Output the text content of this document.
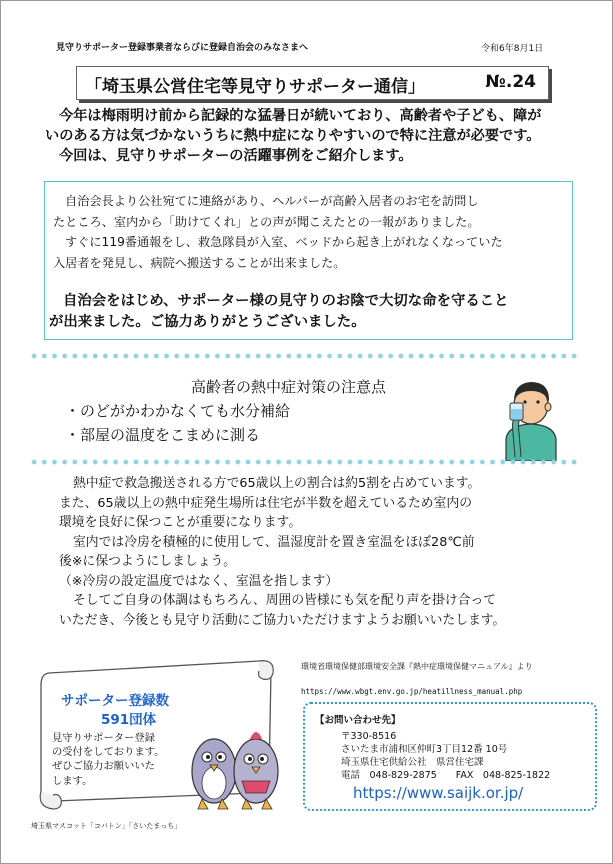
見守りサポーター登録事業者ならびに登録自治会のみなさまへ	令和6年8月1日
「埼玉県公営住宅等見守りサポーター通信」	№.24

今年は梅雨明け前から記録的な猛暑日が続いており、高齢者や子ども、障が

いのある方は気づかないうちに熱中症になりやすいので特に注意が必要です。

今回は、見守りサポーターの活躍事例をご紹介します。

自治会長より公社宛てに連絡があり、ヘルパーが高齢入居者のお宅を訪問し

たところ、室内から「助けてくれ」との声が聞こえたとの一報がありました。

すぐに119番通報をし、救急隊員が入室、ベッドから起き上がれなくなっていた

入居者を発見し、病院へ搬送することが出来ました。

自治会をはじめ、サポーター様の見守りのお陰で大切な命を守ること
が出来ました。ご協力ありがとうございました。
高齢者の熱中症対策の注意点
・のどがかわかなくても水分補給
・部屋の温度をこまめに測る

熱中症で救急搬送される方で65歳以上の割合は約5割を占めています。

また、65歳以上の熱中症発生場所は住宅が半数を超えているため室内の

環境を良好に保つことが重要になります。

室内では冷房を積極的に使用して、温湿度計を置き室温をほぼ28℃前

後※に保つようにしましょう。

（※冷房の設定温度ではなく、室温を指します）

そしてご自身の体調はもちろん、周囲の皆様にも気を配り声を掛け合って

いただき、今後とも見守り活動にご協力いただけますようお願いいたします。

サポーター登録数
591団体
見守りサポーター登録
の受付をしております。
ぜひご協力お願いいた
します。
埼玉県マスコット「コバトン」「さいたまっち」
環境省環境保健部環境安全課『熱中症環境保健マニュアル』より
https://www.wbgt.env.go.jp/heatillness_manual.php
【お問い合わせ先】
〒330-8516
さいたま市浦和区仲町3丁目12番 10号
埼玉県住宅供給公社　県営住宅課
電話　048-829-2875　　FAX　048-825-1822
https://www.saijk.or.jp/
